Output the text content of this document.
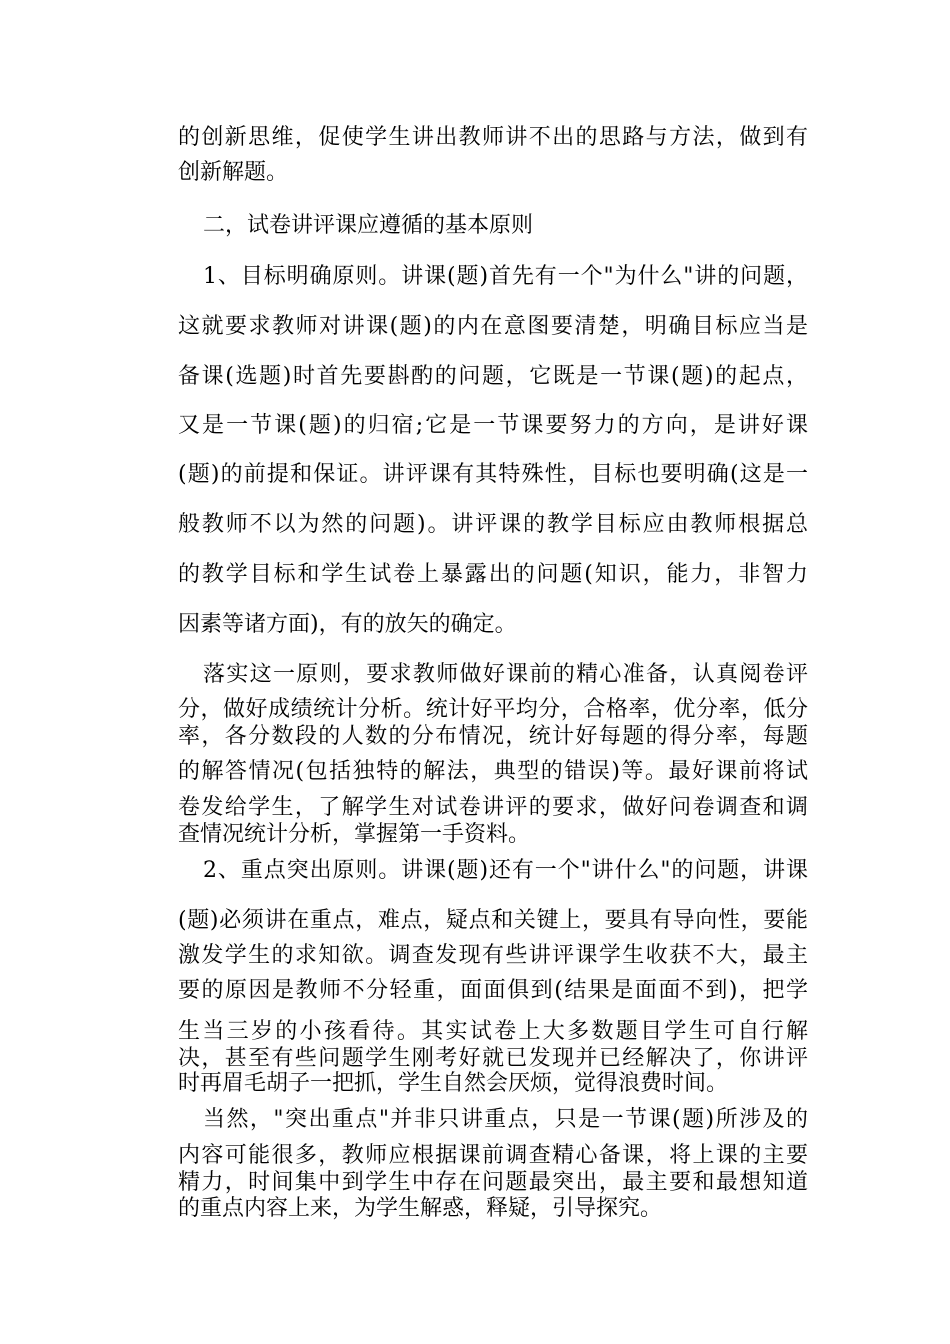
的创新思维，促使学生讲出教师讲不出的思路与方法，做到有
创新解题。
二，试卷讲评课应遵循的基本原则
1、目标明确原则。讲课(题)首先有一个"为什么"讲的问题，
这就要求教师对讲课(题)的内在意图要清楚，明确目标应当是
备课(选题)时首先要斟酌的问题，它既是一节课(题)的起点，
又是一节课(题)的归宿;它是一节课要努力的方向，是讲好课
(题)的前提和保证。讲评课有其特殊性，目标也要明确(这是一
般教师不以为然的问题)。讲评课的教学目标应由教师根据总
的教学目标和学生试卷上暴露出的问题(知识，能力，非智力
因素等诸方面)，有的放矢的确定。
落实这一原则，要求教师做好课前的精心准备，认真阅卷评
分，做好成绩统计分析。统计好平均分，合格率，优分率，低分
率，各分数段的人数的分布情况，统计好每题的得分率，每题
的解答情况(包括独特的解法，典型的错误)等。最好课前将试
卷发给学生，了解学生对试卷讲评的要求，做好问卷调查和调
查情况统计分析，掌握第一手资料。
2、重点突出原则。讲课(题)还有一个"讲什么"的问题，讲课
(题)必须讲在重点，难点，疑点和关键上，要具有导向性，要能
激发学生的求知欲。调查发现有些讲评课学生收获不大，最主
要的原因是教师不分轻重，面面俱到(结果是面面不到)，把学
生当三岁的小孩看待。其实试卷上大多数题目学生可自行解
决，甚至有些问题学生刚考好就已发现并已经解决了，你讲评
时再眉毛胡子一把抓，学生自然会厌烦，觉得浪费时间。
当然，"突出重点"并非只讲重点，只是一节课(题)所涉及的
内容可能很多，教师应根据课前调查精心备课，将上课的主要
精力，时间集中到学生中存在问题最突出，最主要和最想知道
的重点内容上来，为学生解惑，释疑，引导探究。
